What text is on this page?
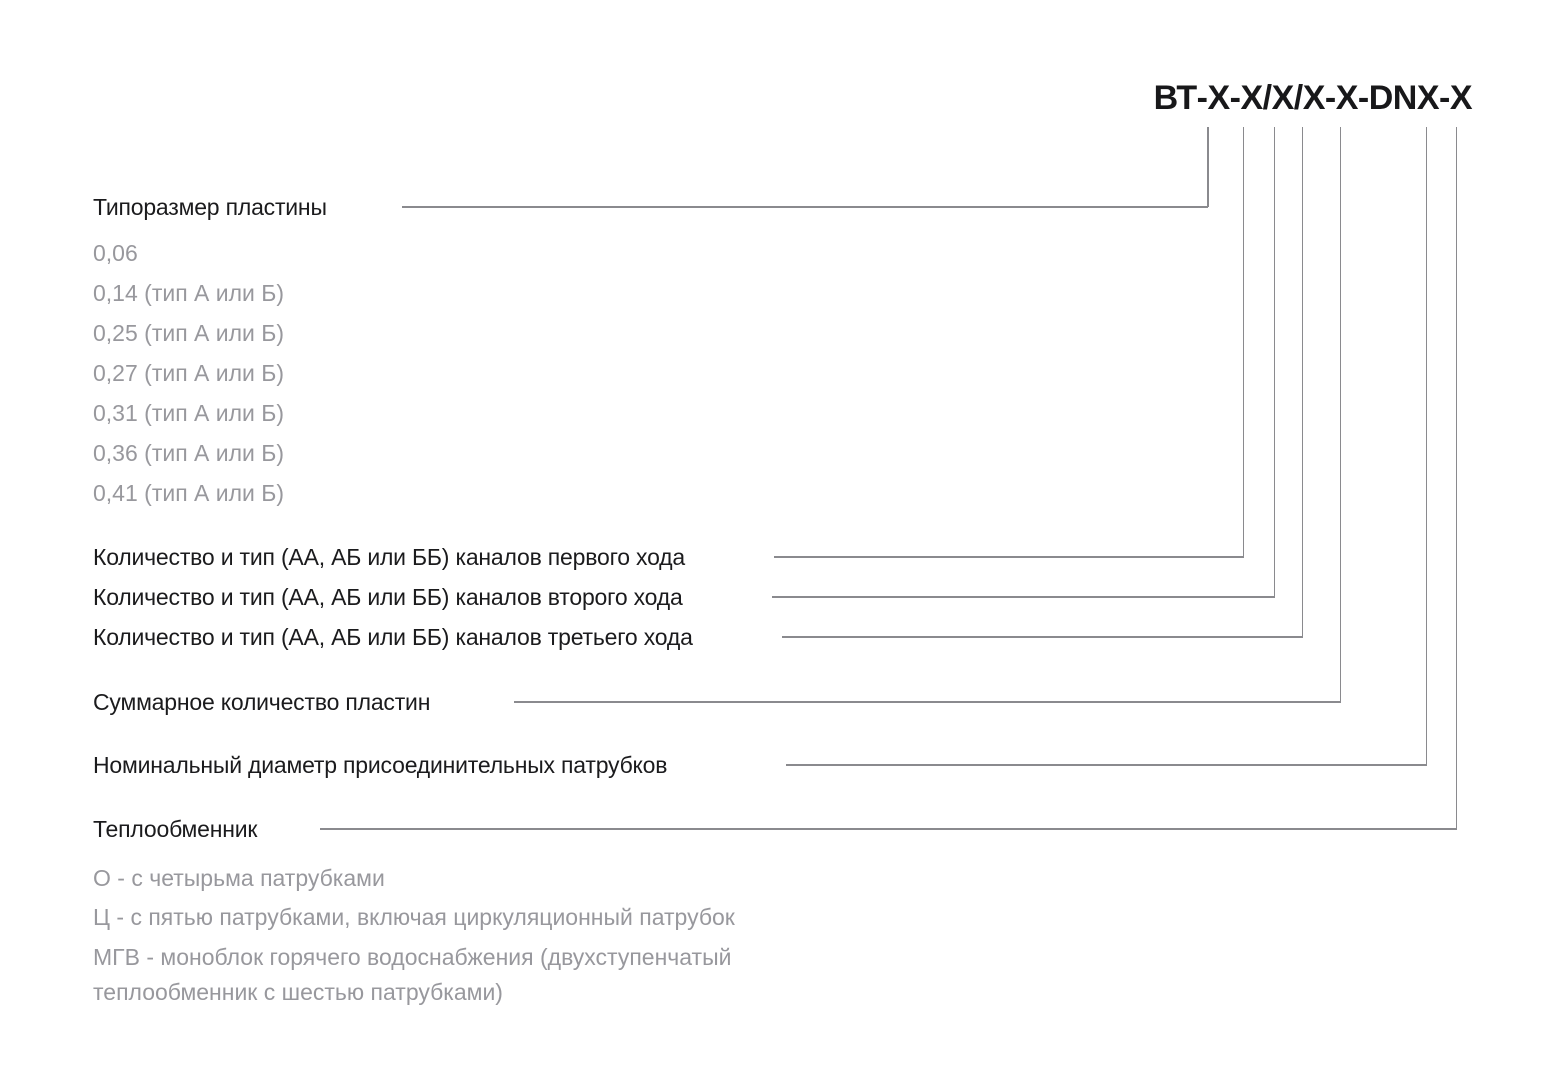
ВТ-X-X/X/X-X-DNX-X
Типоразмер пластины
0,06
0,14 (тип А или Б)
0,25 (тип А или Б)
0,27 (тип А или Б)
0,31 (тип А или Б)
0,36 (тип А или Б)
0,41 (тип А или Б)
Количество и тип (АА, АБ или ББ) каналов первого хода
Количество и тип (АА, АБ или ББ) каналов второго хода
Количество и тип (АА, АБ или ББ) каналов третьего хода
Суммарное количество пластин
Номинальный диаметр присоединительных патрубков
Теплообменник
О - с четырьма патрубками
Ц - с пятью патрубками, включая циркуляционный патрубок
МГВ - моноблок горячего водоснабжения (двухступенчатый теплообменник с шестью патрубками)
